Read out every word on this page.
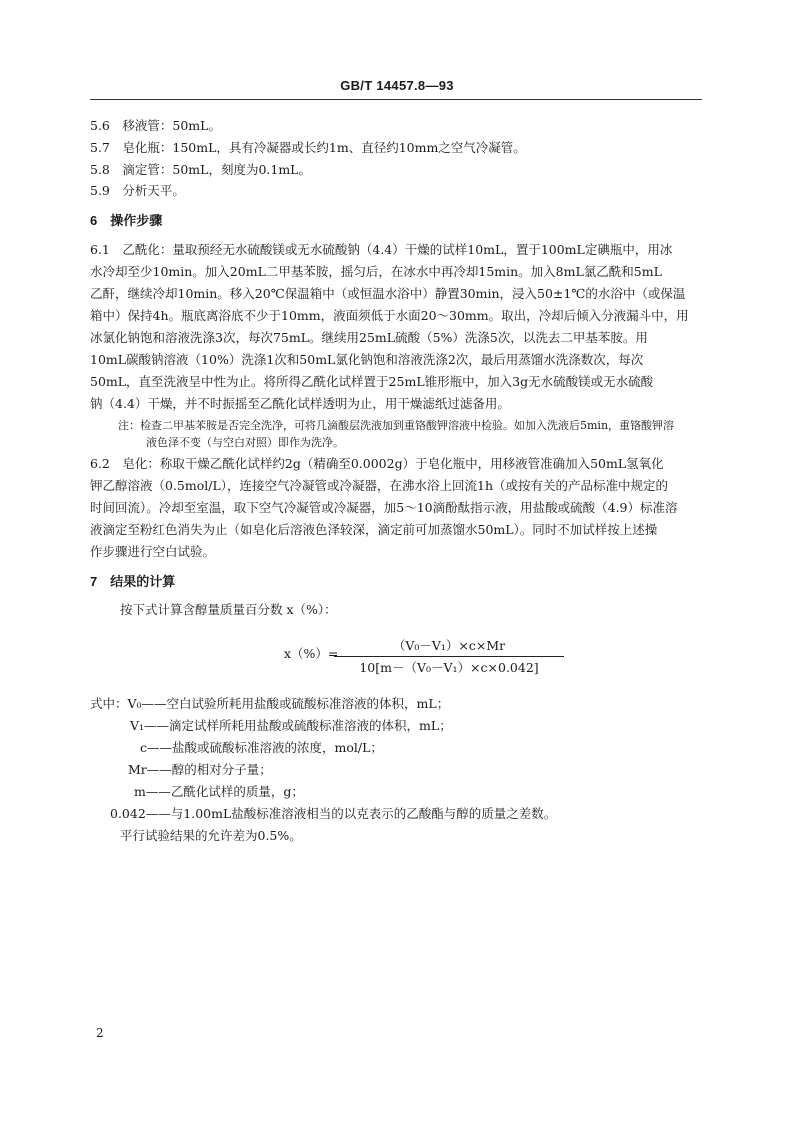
GB/T 14457.8—93
5.6　移液管：50mL。
5.7　皂化瓶：150mL，具有冷凝器或长约1m、直径约10mm之空气冷凝管。
5.8　滴定管：50mL，刻度为0.1mL。
5.9　分析天平。
6　操作步骤
6.1　乙酰化：量取预经无水硫酸镁或无水硫酸钠（4.4）干燥的试样10mL，置于100mL定碘瓶中，用冰
水冷却至少10min。加入20mL二甲基苯胺，摇匀后，在冰水中再冷却15min。加入8mL氯乙酰和5mL
乙酐，继续冷却10min。移入20℃保温箱中（或恒温水浴中）静置30min，浸入50±1℃的水浴中（或保温
箱中）保持4h。瓶底离浴底不少于10mm，液面须低于水面20～30mm。取出，冷却后倾入分液漏斗中，用
冰氯化钠饱和溶液洗涤3次，每次75mL。继续用25mL硫酸（5%）洗涤5次，以洗去二甲基苯胺。用
10mL碳酸钠溶液（10%）洗涤1次和50mL氯化钠饱和溶液洗涤2次，最后用蒸馏水洗涤数次，每次
50mL，直至洗液呈中性为止。将所得乙酰化试样置于25mL锥形瓶中，加入3g无水硫酸镁或无水硫酸
钠（4.4）干燥，并不时振摇至乙酰化试样透明为止，用干燥滤纸过滤备用。
注：检查二甲基苯胺是否完全洗净，可将几滴酸层洗液加到重铬酸钾溶液中检验。如加入洗液后5min，重铬酸钾溶
液色泽不变（与空白对照）即作为洗净。
6.2　皂化：称取干燥乙酰化试样约2g（精确至0.0002g）于皂化瓶中，用移液管准确加入50mL氢氧化
钾乙醇溶液（0.5mol/L），连接空气冷凝管或冷凝器，在沸水浴上回流1h（或按有关的产品标准中规定的
时间回流）。冷却至室温，取下空气冷凝管或冷凝器，加5～10滴酚酞指示液，用盐酸或硫酸（4.9）标准溶
液滴定至粉红色消失为止（如皂化后溶液色泽较深，滴定前可加蒸馏水50mL）。同时不加试样按上述操
作步骤进行空白试验。
7　结果的计算
按下式计算含醇量质量百分数 x（%）：
x（%）=
$\frac{\text{（V₀－V₁）×c×Mr}}{\text{10[m－（V₀－V₁）×c×0.042]}}$
式中：V₀——空白试验所耗用盐酸或硫酸标准溶液的体积，mL；
V₁——滴定试样所耗用盐酸或硫酸标准溶液的体积，mL；
c——盐酸或硫酸标准溶液的浓度，mol/L；
Mr——醇的相对分子量；
m——乙酰化试样的质量，g；
0.042——与1.00mL盐酸标准溶液相当的以克表示的乙酸酯与醇的质量之差数。
平行试验结果的允许差为0.5%。
2
